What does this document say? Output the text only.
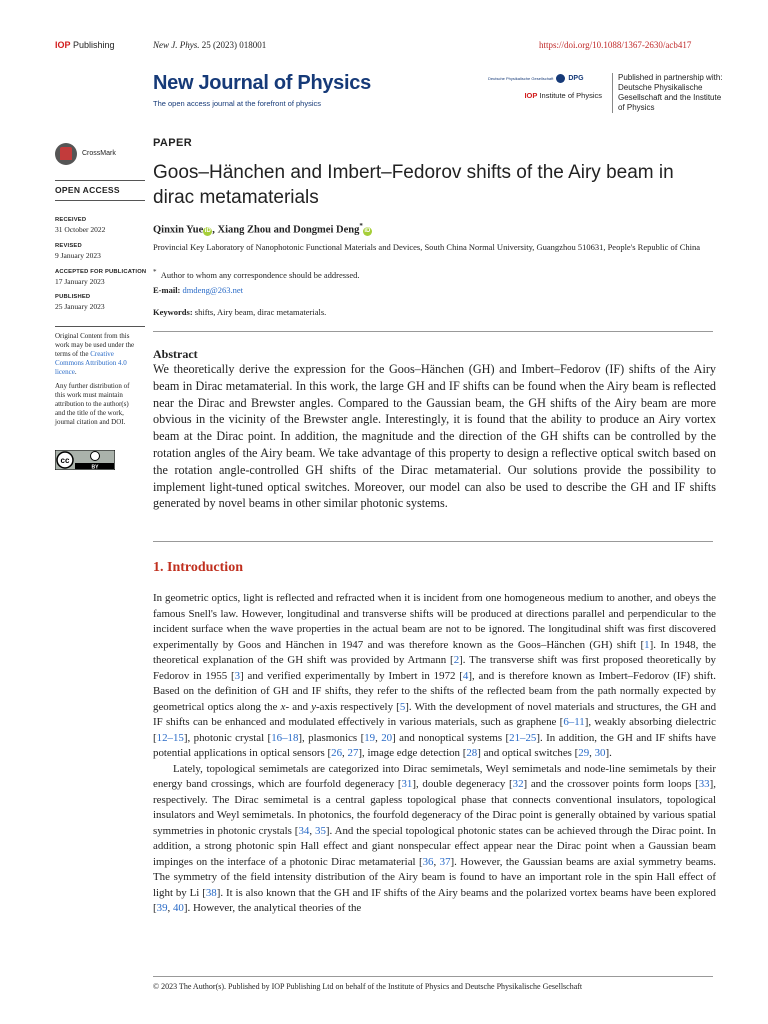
IOP Publishing	New J. Phys. 25 (2023) 018001	https://doi.org/10.1088/1367-2630/acb417
New Journal of Physics
The open access journal at the forefront of physics
Deutsche Physikalische Gesellschaft DPG
IOP Institute of Physics
Published in partnership with: Deutsche Physikalische Gesellschaft and the Institute of Physics
CrossMark
OPEN ACCESS
RECEIVED
31 October 2022
REVISED
9 January 2023
ACCEPTED FOR PUBLICATION
17 January 2023
PUBLISHED
25 January 2023
Original Content from this work may be used under the terms of the Creative Commons Attribution 4.0 licence.
Any further distribution of this work must maintain attribution to the author(s) and the title of the work, journal citation and DOI.
cc
BY
PAPER
Goos–Hänchen and Imbert–Fedorov shifts of the Airy beam in dirac metamaterials
Qinxin Yue iD , Xiang Zhou and Dongmei Deng*iD
Provincial Key Laboratory of Nanophotonic Functional Materials and Devices, South China Normal University, Guangzhou 510631, People's Republic of China
* Author to whom any correspondence should be addressed.
E-mail: dmdeng@263.net
Keywords: shifts, Airy beam, dirac metamaterials.
Abstract
We theoretically derive the expression for the Goos–Hänchen (GH) and Imbert–Fedorov (IF) shifts of the Airy beam in Dirac metamaterial. In this work, the large GH and IF shifts can be found when the Airy beam is reflected near the Dirac and Brewster angles. Compared to the Gaussian beam, the GH shifts of the Airy beam are more obvious in the vicinity of the Brewster angle. Interestingly, it is found that the ability to produce an Airy vortex beam at the Dirac point. In addition, the magnitude and the direction of the GH shifts can be controlled by the rotation angles of the Airy beam. We take advantage of this property to design a reflective optical switch based on the rotation angle-controlled GH shifts of the Dirac metamaterial. Our solutions provide the possibility to implement light-tuned optical switches. Moreover, our model can also be used to describe the GH and IF shifts generated by novel beams in other similar photonic systems.
1. Introduction

In geometric optics, light is reflected and refracted when it is incident from one homogeneous medium to another, and obeys the famous Snell's law. However, longitudinal and transverse shifts will be produced at directions parallel and perpendicular to the incident surface when the wave properties in the actual beam are not to be ignored. The longitudinal shift was first discovered experimentally by Goos and Hänchen in 1947 and was therefore known as the Goos–Hänchen (GH) shift [1]. In 1948, the theoretical explanation of the GH shift was provided by Artmann [2]. The transverse shift was first proposed theoretically by Fedorov in 1955 [3] and verified experimentally by Imbert in 1972 [4], and is therefore known as Imbert–Fedorov (IF) shift. Based on the definition of GH and IF shifts, they refer to the shifts of the reflected beam from the path normally expected by geometrical optics along the x- and y-axis respectively [5]. With the development of novel materials and structures, the GH and IF shifts can be enhanced and modulated effectively in various materials, such as graphene [6–11], weakly absorbing dielectric [12–15], photonic crystal [16–18], plasmonics [19, 20] and nonoptical systems [21–25]. In addition, the GH and IF shifts have potential applications in optical sensors [26, 27], image edge detection [28] and optical switches [29, 30].

Lately, topological semimetals are categorized into Dirac semimetals, Weyl semimetals and node-line semimetals by their energy band crossings, which are fourfold degeneracy [31], double degeneracy [32] and the crossover points form loops [33], respectively. The Dirac semimetal is a central gapless topological phase that connects conventional insulators, topological insulators and Weyl semimetals. In photonics, the fourfold degeneracy of the Dirac point is generally obtained by various spatial symmetries in photonic crystals [34, 35]. And the special topological photonic states can be achieved through the Dirac point. In addition, a strong photonic spin Hall effect and giant nonspecular effect appear near the Dirac point when a Gaussian beam impinges on the interface of a photonic Dirac metamaterial [36, 37]. However, the Gaussian beams are axial symmetry beams. The symmetry of the field intensity distribution of the Airy beam is found to have an important role in the spin Hall effect of light by Li [38]. It is also known that the GH and IF shifts of the Airy beams and the polarized vortex beams have been explored [39, 40]. However, the analytical theories of the

© 2023 The Author(s). Published by IOP Publishing Ltd on behalf of the Institute of Physics and Deutsche Physikalische Gesellschaft
